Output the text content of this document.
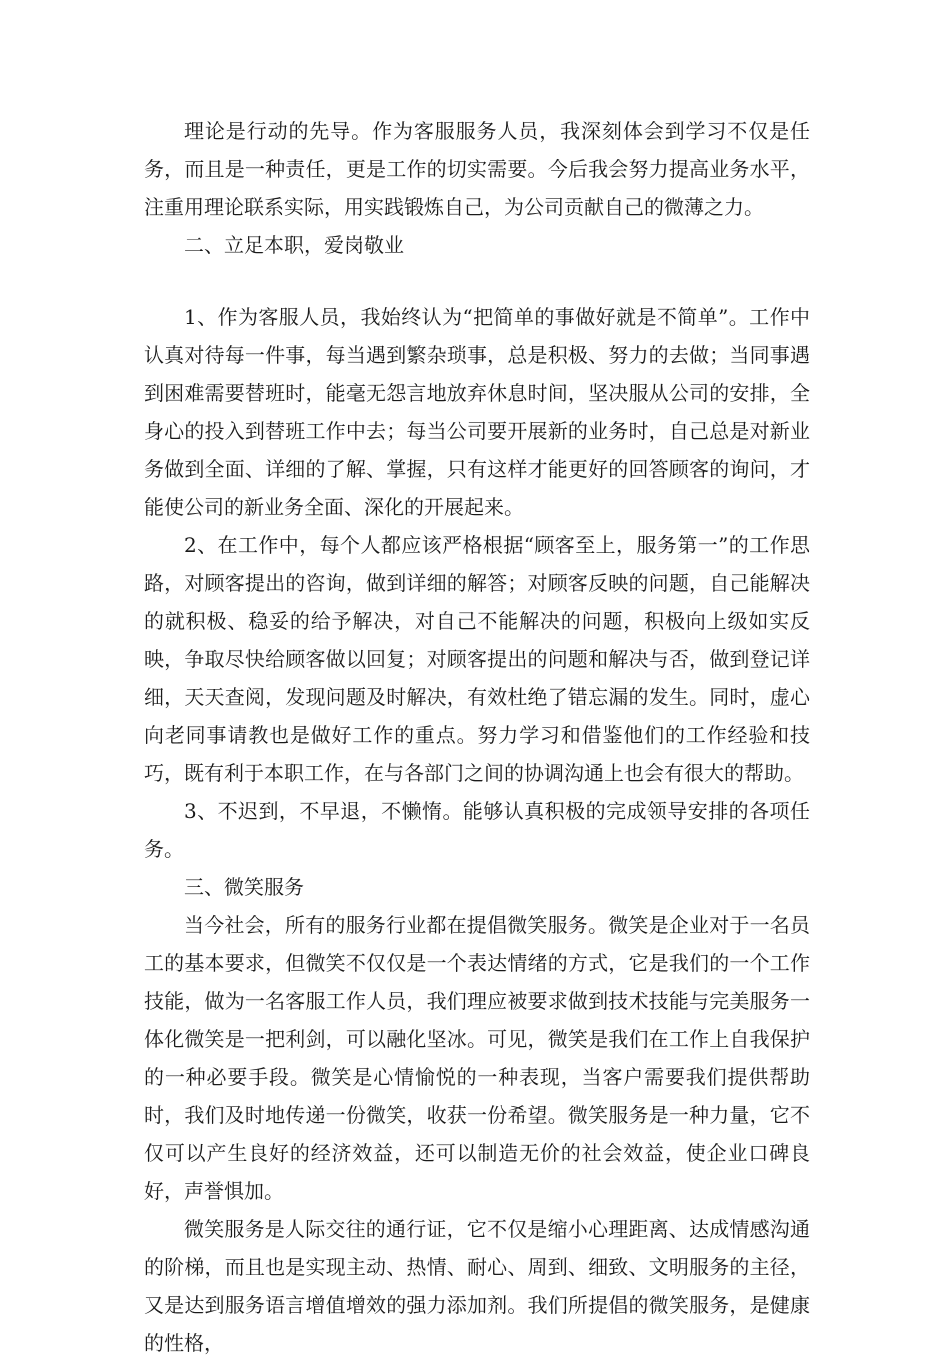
理论是行动的先导。作为客服服务人员，我深刻体会到学习不仅是任务，而且是一种责任，更是工作的切实需要。今后我会努力提高业务水平，注重用理论联系实际，用实践锻炼自己，为公司贡献自己的微薄之力。

二、立足本职，爱岗敬业

1、作为客服人员，我始终认为“把简单的事做好就是不简单”。工作中认真对待每一件事，每当遇到繁杂琐事，总是积极、努力的去做；当同事遇到困难需要替班时，能毫无怨言地放弃休息时间，坚决服从公司的安排，全身心的投入到替班工作中去；每当公司要开展新的业务时，自己总是对新业务做到全面、详细的了解、掌握，只有这样才能更好的回答顾客的询问，才能使公司的新业务全面、深化的开展起来。

2、在工作中，每个人都应该严格根据“顾客至上，服务第一”的工作思路，对顾客提出的咨询，做到详细的解答；对顾客反映的问题，自己能解决的就积极、稳妥的给予解决，对自己不能解决的问题，积极向上级如实反映，争取尽快给顾客做以回复；对顾客提出的问题和解决与否，做到登记详细，天天查阅，发现问题及时解决，有效杜绝了错忘漏的发生。同时，虚心向老同事请教也是做好工作的重点。努力学习和借鉴他们的工作经验和技巧，既有利于本职工作，在与各部门之间的协调沟通上也会有很大的帮助。

3、不迟到，不早退，不懒惰。能够认真积极的完成领导安排的各项任务。

三、微笑服务

当今社会，所有的服务行业都在提倡微笑服务。微笑是企业对于一名员工的基本要求，但微笑不仅仅是一个表达情绪的方式，它是我们的一个工作技能，做为一名客服工作人员，我们理应被要求做到技术技能与完美服务一体化微笑是一把利剑，可以融化坚冰。可见，微笑是我们在工作上自我保护的一种必要手段。微笑是心情愉悦的一种表现，当客户需要我们提供帮助时，我们及时地传递一份微笑，收获一份希望。微笑服务是一种力量，它不仅可以产生良好的经济效益，还可以制造无价的社会效益，使企业口碑良好，声誉惧加。

微笑服务是人际交往的通行证，它不仅是缩小心理距离、达成情感沟通的阶梯，而且也是实现主动、热情、耐心、周到、细致、文明服务的主径，又是达到服务语言增值增效的强力添加剂。我们所提倡的微笑服务，是健康的性格，
